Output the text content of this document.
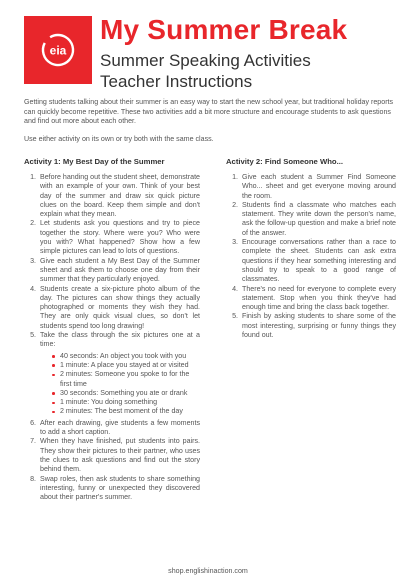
eia
My Summer Break
Summer Speaking Activities
Teacher Instructions

Getting students talking about their summer is an easy way to start the new school year, but traditional holiday reports can quickly become repetitive. These two activities add a bit more structure and encourage students to ask questions and find out more about each other.

Use either activity on its own or try both with the same class.

Activity 1: My Best Day of the Summer
1. Before handing out the student sheet, demonstrate with an example of your own. Think of your best day of the summer and draw six quick picture clues on the board. Keep them simple and don't explain what they mean.
2. Let students ask you questions and try to piece together the story. Where were you? Who were you with? What happened? Show how a few simple pictures can lead to lots of questions.
3. Give each student a My Best Day of the Summer sheet and ask them to choose one day from their summer that they particularly enjoyed.
4. Students create a six-picture photo album of the day. The pictures can show things they actually photographed or moments they wish they had. They are only quick visual clues, so don't let students spend too long drawing!
5. Take the class through the six pictures one at a time:
40 seconds: An object you took with you
1 minute: A place you stayed at or visited
2 minutes: Someone you spoke to for the first time
30 seconds: Something you ate or drank
1 minute: You doing something
2 minutes: The best moment of the day
6. After each drawing, give students a few moments to add a short caption.
7. When they have finished, put students into pairs. They show their pictures to their partner, who uses the clues to ask questions and find out the story behind them.
8. Swap roles, then ask students to share something interesting, funny or unexpected they discovered about their partner's summer.
Activity 2: Find Someone Who...
1. Give each student a Summer Find Someone Who... sheet and get everyone moving around the room.
2. Students find a classmate who matches each statement. They write down the person's name, ask the follow-up question and make a brief note of the answer.
3. Encourage conversations rather than a race to complete the sheet. Students can ask extra questions if they hear something interesting and should try to speak to a good range of classmates.
4. There's no need for everyone to complete every statement. Stop when you think they've had enough time and bring the class back together.
5. Finish by asking students to share some of the most interesting, surprising or funny things they found out.
shop.englishinaction.com
